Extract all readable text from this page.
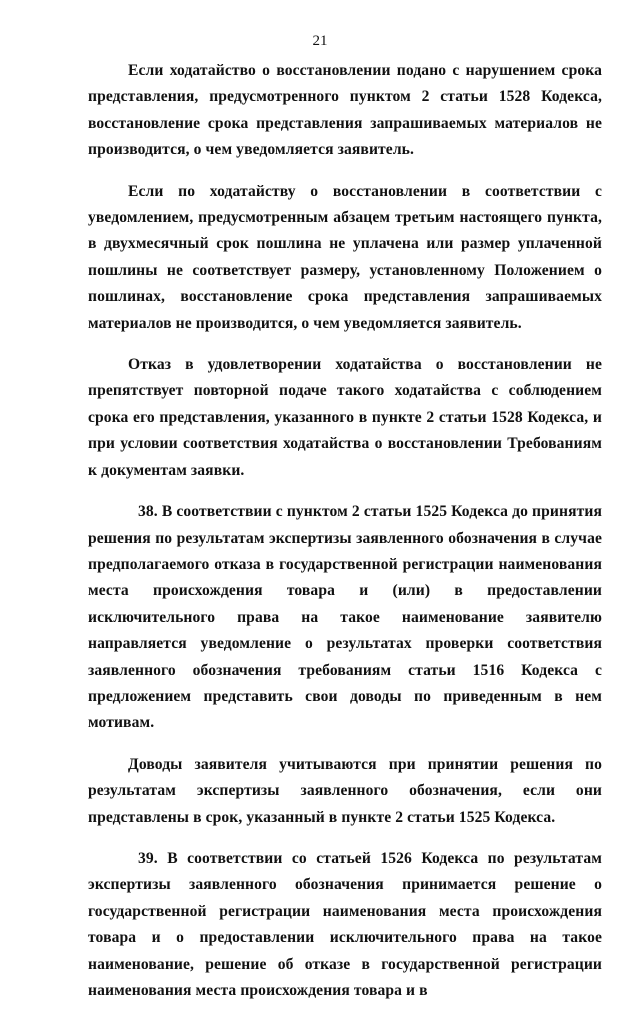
21

Если ходатайство о восстановлении подано с нарушением срока представления, предусмотренного пунктом 2 статьи 1528 Кодекса, восстановление срока представления запрашиваемых материалов не производится, о чем уведомляется заявитель.

Если по ходатайству о восстановлении в соответствии с уведомлением, предусмотренным абзацем третьим настоящего пункта, в двухмесячный срок пошлина не уплачена или размер уплаченной пошлины не соответствует размеру, установленному Положением о пошлинах, восстановление срока представления запрашиваемых материалов не производится, о чем уведомляется заявитель.

Отказ в удовлетворении ходатайства о восстановлении не препятствует повторной подаче такого ходатайства с соблюдением срока его представления, указанного в пункте 2 статьи 1528 Кодекса, и при условии соответствия ходатайства о восстановлении Требованиям к документам заявки.

38. В соответствии с пунктом 2 статьи 1525 Кодекса до принятия решения по результатам экспертизы заявленного обозначения в случае предполагаемого отказа в государственной регистрации наименования места происхождения товара и (или) в предоставлении исключительного права на такое наименование заявителю направляется уведомление о результатах проверки соответствия заявленного обозначения требованиям статьи 1516 Кодекса с предложением представить свои доводы по приведенным в нем мотивам.

Доводы заявителя учитываются при принятии решения по результатам экспертизы заявленного обозначения, если они представлены в срок, указанный в пункте 2 статьи 1525 Кодекса.

39. В соответствии со статьей 1526 Кодекса по результатам экспертизы заявленного обозначения принимается решение о государственной регистрации наименования места происхождения товара и о предоставлении исключительного права на такое наименование, решение об отказе в государственной регистрации наименования места происхождения товара и в
